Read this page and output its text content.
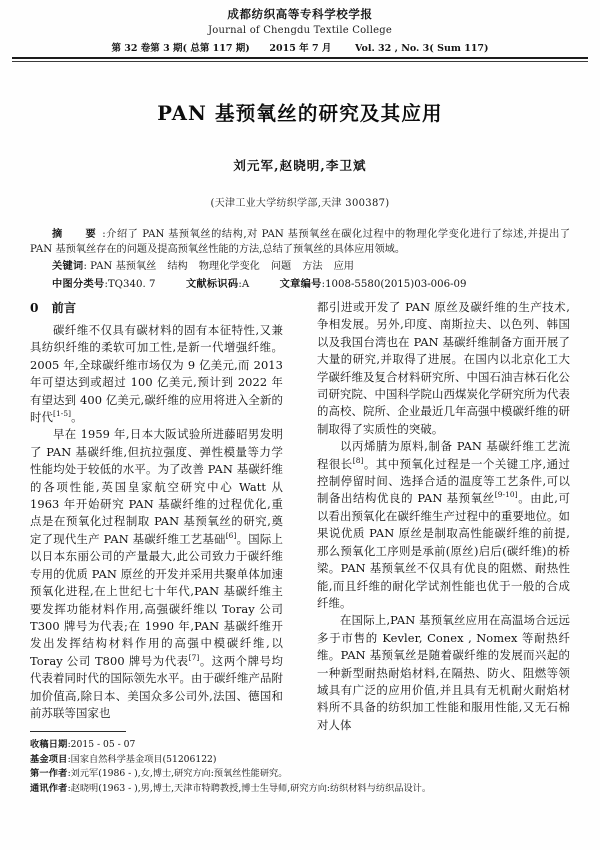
成都纺织高等专科学校学报
Journal of Chengdu Textile College
第 32 卷第 3 期( 总第 117 期) 2015 年 7 月 Vol. 32 , No. 3( Sum 117)
PAN 基预氧丝的研究及其应用
刘元军,赵晓明,李卫斌
(天津工业大学纺织学部,天津 300387)
摘　要:介绍了 PAN 基预氧丝的结构,对 PAN 基预氧丝在碳化过程中的物理化学变化进行了综述,并提出了 PAN 基预氧丝存在的问题及提高预氧丝性能的方法,总结了预氧丝的具体应用领域。
关键词: PAN 基预氧丝 结构 物理化学变化 问题 方法 应用
中图分类号:TQ340. 7	文献标识码:A	文章编号:1008-5580(2015)03-006-09
0 前言

碳纤维不仅具有碳材料的固有本征特性,又兼具纺织纤维的柔软可加工性,是新一代增强纤维。2005 年,全球碳纤维市场仅为 9 亿美元,而 2013 年可望达到或超过 100 亿美元,预计到 2022 年有望达到 400 亿美元,碳纤维的应用将进入全新的时代[1-5]。

早在 1959 年,日本大阪试验所进藤昭男发明了 PAN 基碳纤维,但抗拉强度、弹性模量等力学性能均处于较低的水平。为了改善 PAN 基碳纤维的各项性能,英国皇家航空研究中心 Watt 从 1963 年开始研究 PAN 基碳纤维的过程优化,重点是在预氧化过程制取 PAN 基预氧丝的研究,奠定了现代生产 PAN 基碳纤维工艺基础[6]。国际上以日本东丽公司的产量最大,此公司致力于碳纤维专用的优质 PAN 原丝的开发并采用共聚单体加速预氧化进程,在上世纪七十年代,PAN 基碳纤维主要发挥功能材料作用,高强碳纤维以 Toray 公司 T300 牌号为代表;在 1990 年,PAN 基碳纤维开发出发挥结构材料作用的高强中模碳纤维,以 Toray 公司 T800 牌号为代表[7]。这两个牌号均代表着同时代的国际领先水平。由于碳纤维产品附加价值高,除日本、美国众多公司外,法国、德国和前苏联等国家也

都引进或开发了 PAN 原丝及碳纤维的生产技术,争相发展。另外,印度、南斯拉夫、以色列、韩国以及我国台湾也在 PAN 基碳纤维制备方面开展了大量的研究,并取得了进展。在国内以北京化工大学碳纤维及复合材料研究所、中国石油吉林石化公司研究院、中国科学院山西煤炭化学研究所为代表的高校、院所、企业最近几年高强中模碳纤维的研制取得了实质性的突破。

以丙烯腈为原料,制备 PAN 基碳纤维工艺流程很长[8]。其中预氧化过程是一个关键工序,通过控制停留时间、选择合适的温度等工艺条件,可以制备出结构优良的 PAN 基预氧丝[9-10]。由此,可以看出预氧化在碳纤维生产过程中的重要地位。如果说优质 PAN 原丝是制取高性能碳纤维的前提,那么预氧化工序则是承前(原丝)启后(碳纤维)的桥梁。PAN 基预氧丝不仅具有优良的阻燃、耐热性能,而且纤维的耐化学试剂性能也优于一般的合成纤维。

在国际上,PAN 基预氧丝应用在高温场合远远多于市售的 Kevler, Conex , Nomex 等耐热纤维。PAN 基预氧丝是随着碳纤维的发展而兴起的一种新型耐热耐焰材料,在隔热、防火、阻燃等领域具有广泛的应用价值,并且具有无机耐火耐焰材料所不具备的纺织加工性能和服用性能,又无石棉对人体

收稿日期:2015 - 05 - 07
基金项目:国家自然科学基金项目(51206122)
第一作者:刘元军(1986 - ),女,博士,研究方向:预氧丝性能研究。
通讯作者:赵晓明(1963 - ),男,博士,天津市特聘教授,博士生导师,研究方向:纺织材料与纺织品设计。
